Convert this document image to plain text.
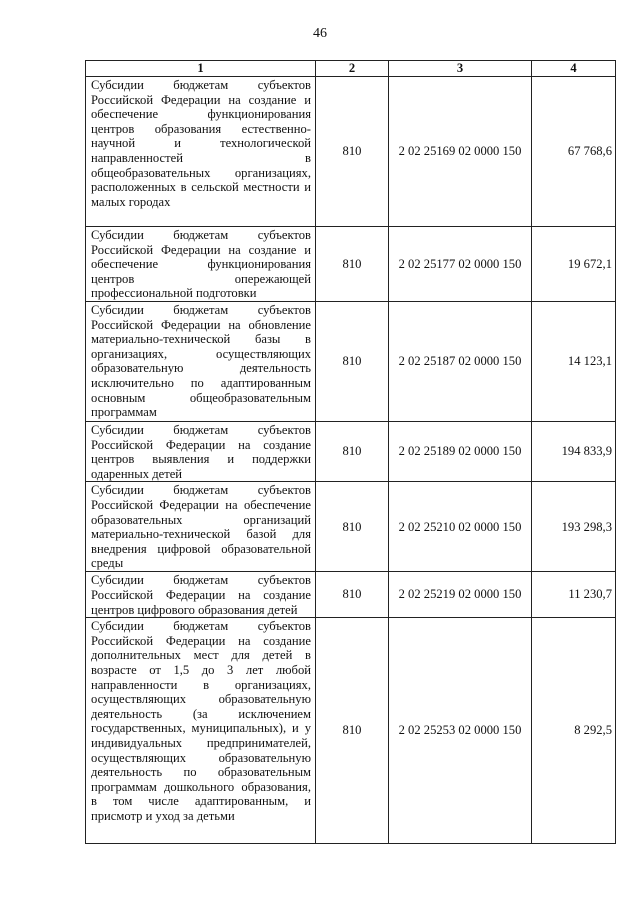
46
1	2	3	4
Субсидии бюджетам субъектов Российской Федерации на создание и обеспечение функционирования центров образования естественно-научной и технологической направленностей в общеобразовательных организациях, расположенных в сельской местности и малых городах	810	2 02 25169 02 0000 150	67 768,6
Субсидии бюджетам субъектов Российской Федерации на создание и обеспечение функционирования центров опережающей профессиональной подготовки	810	2 02 25177 02 0000 150	19 672,1
Субсидии бюджетам субъектов Российской Федерации на обновление материально-технической базы в организациях, осуществляющих образовательную деятельность исключительно по адаптированным основным общеобразовательным программам	810	2 02 25187 02 0000 150	14 123,1
Субсидии бюджетам субъектов Российской Федерации на создание центров выявления и поддержки одаренных детей	810	2 02 25189 02 0000 150	194 833,9
Субсидии бюджетам субъектов Российской Федерации на обеспечение образовательных организаций материально-технической базой для внедрения цифровой образовательной среды	810	2 02 25210 02 0000 150	193 298,3
Субсидии бюджетам субъектов Российской Федерации на создание центров цифрового образования детей	810	2 02 25219 02 0000 150	11 230,7
Субсидии бюджетам субъектов Российской Федерации на создание дополнительных мест для детей в возрасте от 1,5 до 3 лет любой направленности в организациях, осуществляющих образовательную деятельность (за исключением государственных, муниципальных), и у индивидуальных предпринимателей, осуществляющих образовательную деятельность по образовательным программам дошкольного образования, в том числе адаптированным, и присмотр и уход за детьми	810	2 02 25253 02 0000 150	8 292,5
